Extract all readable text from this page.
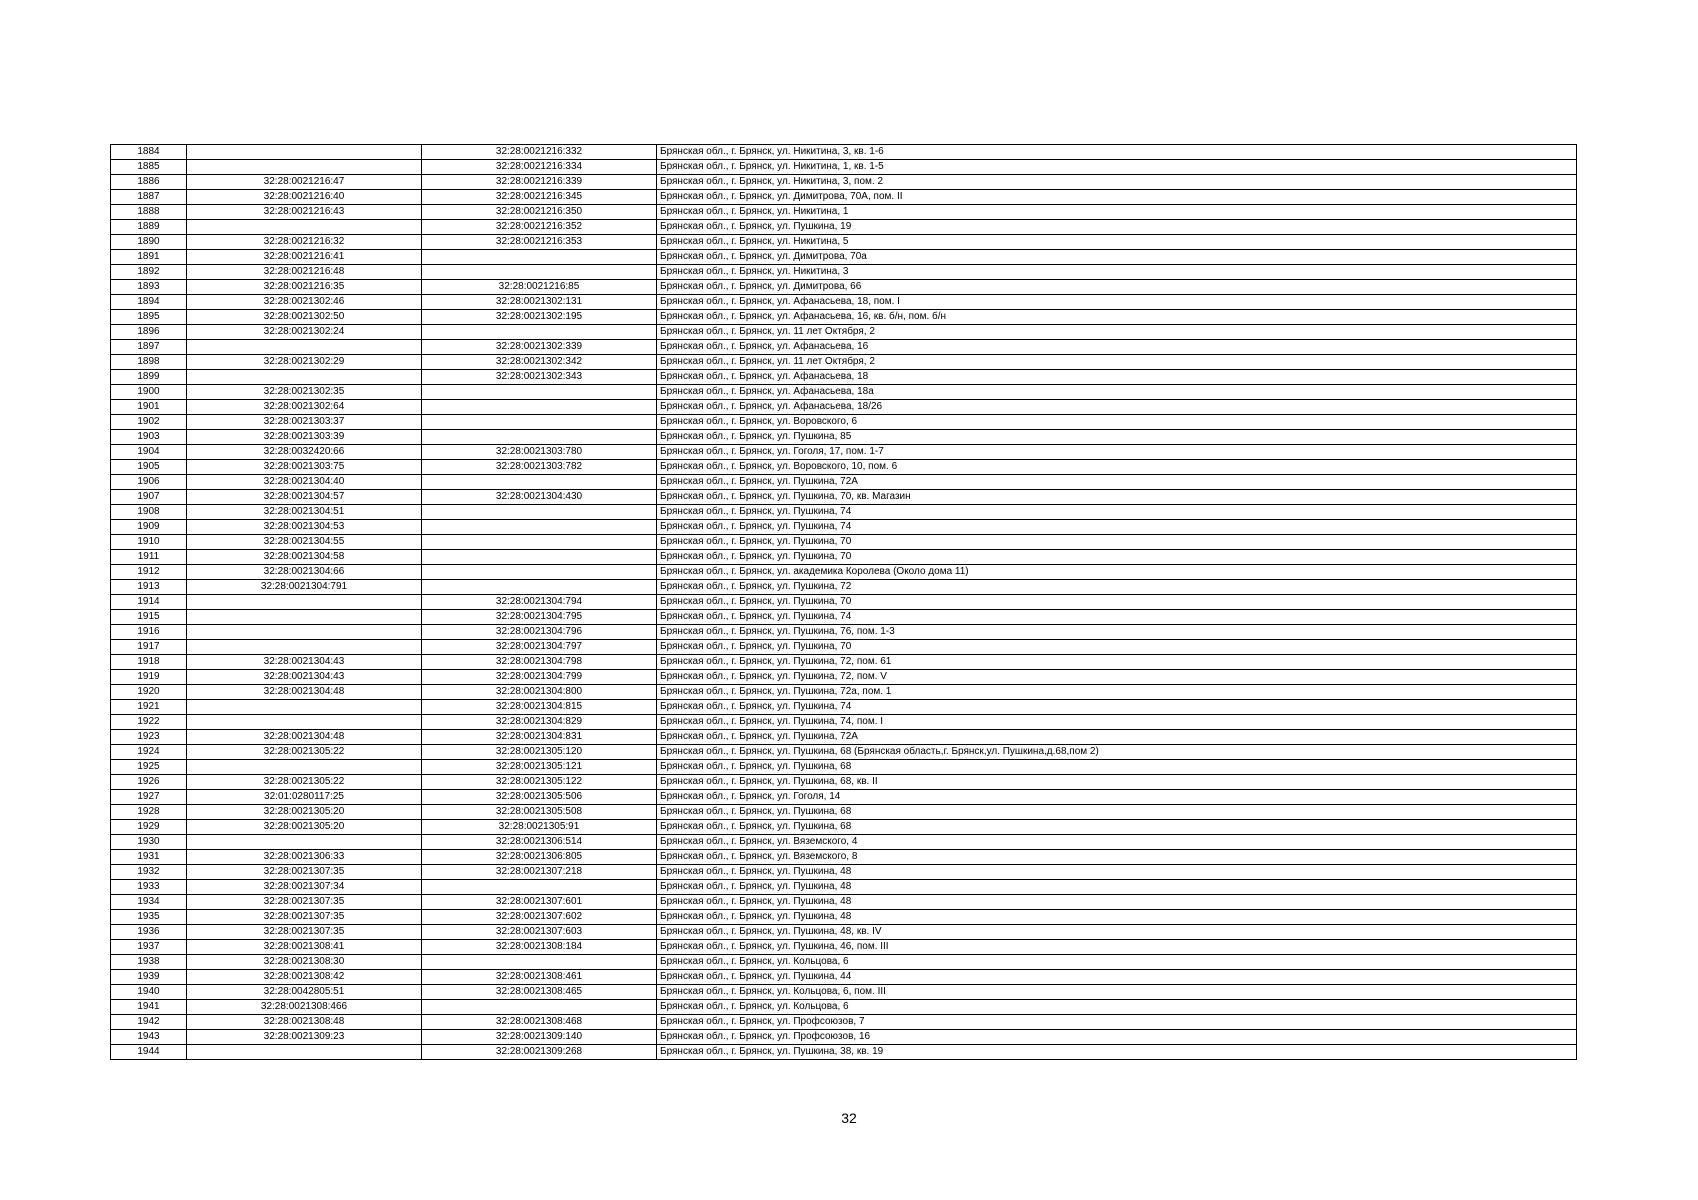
1884		32:28:0021216:332	Брянская обл., г. Брянск, ул. Никитина, 3, кв. 1-6
1885		32:28:0021216:334	Брянская обл., г. Брянск, ул. Никитина, 1, кв. 1-5
1886	32:28:0021216:47	32:28:0021216:339	Брянская обл., г. Брянск, ул. Никитина, 3, пом. 2
1887	32:28:0021216:40	32:28:0021216:345	Брянская обл., г. Брянск, ул. Димитрова, 70А, пом. II
1888	32:28:0021216:43	32:28:0021216:350	Брянская обл., г. Брянск, ул. Никитина, 1
1889		32:28:0021216:352	Брянская обл., г. Брянск, ул. Пушкина, 19
1890	32:28:0021216:32	32:28:0021216:353	Брянская обл., г. Брянск, ул. Никитина, 5
1891	32:28:0021216:41		Брянская обл., г. Брянск, ул. Димитрова, 70а
1892	32:28:0021216:48		Брянская обл., г. Брянск, ул. Никитина, 3
1893	32:28:0021216:35	32:28:0021216:85	Брянская обл., г. Брянск, ул. Димитрова, 66
1894	32:28:0021302:46	32:28:0021302:131	Брянская обл., г. Брянск, ул. Афанасьева, 18, пом. I
1895	32:28:0021302:50	32:28:0021302:195	Брянская обл., г. Брянск, ул. Афанасьева, 16, кв. б/н, пом. б/н
1896	32:28:0021302:24		Брянская обл., г. Брянск, ул. 11 лет Октября, 2
1897		32:28:0021302:339	Брянская обл., г. Брянск, ул. Афанасьева, 16
1898	32:28:0021302:29	32:28:0021302:342	Брянская обл., г. Брянск, ул. 11 лет Октября, 2
1899		32:28:0021302:343	Брянская обл., г. Брянск, ул. Афанасьева, 18
1900	32:28:0021302:35		Брянская обл., г. Брянск, ул. Афанасьева, 18а
1901	32:28:0021302:64		Брянская обл., г. Брянск, ул. Афанасьева, 18/26
1902	32:28:0021303:37		Брянская обл., г. Брянск, ул. Воровского, 6
1903	32:28:0021303:39		Брянская обл., г. Брянск, ул. Пушкина, 85
1904	32:28:0032420:66	32:28:0021303:780	Брянская обл., г. Брянск, ул. Гоголя, 17, пом. 1-7
1905	32:28:0021303:75	32:28:0021303:782	Брянская обл., г. Брянск, ул. Воровского, 10, пом. 6
1906	32:28:0021304:40		Брянская обл., г. Брянск, ул. Пушкина, 72А
1907	32:28:0021304:57	32:28:0021304:430	Брянская обл., г. Брянск, ул. Пушкина, 70, кв. Магазин
1908	32:28:0021304:51		Брянская обл., г. Брянск, ул. Пушкина, 74
1909	32:28:0021304:53		Брянская обл., г. Брянск, ул. Пушкина, 74
1910	32:28:0021304:55		Брянская обл., г. Брянск, ул. Пушкина, 70
1911	32:28:0021304:58		Брянская обл., г. Брянск, ул. Пушкина, 70
1912	32:28:0021304:66		Брянская обл., г. Брянск, ул. академика Королева (Около дома 11)
1913	32:28:0021304:791		Брянская обл., г. Брянск, ул. Пушкина, 72
1914		32:28:0021304:794	Брянская обл., г. Брянск, ул. Пушкина, 70
1915		32:28:0021304:795	Брянская обл., г. Брянск, ул. Пушкина, 74
1916		32:28:0021304:796	Брянская обл., г. Брянск, ул. Пушкина, 76, пом. 1-3
1917		32:28:0021304:797	Брянская обл., г. Брянск, ул. Пушкина, 70
1918	32:28:0021304:43	32:28:0021304:798	Брянская обл., г. Брянск, ул. Пушкина, 72, пом. 61
1919	32:28:0021304:43	32:28:0021304:799	Брянская обл., г. Брянск, ул. Пушкина, 72, пом. V
1920	32:28:0021304:48	32:28:0021304:800	Брянская обл., г. Брянск, ул. Пушкина, 72а, пом. 1
1921		32:28:0021304:815	Брянская обл., г. Брянск, ул. Пушкина, 74
1922		32:28:0021304:829	Брянская обл., г. Брянск, ул. Пушкина, 74, пом. I
1923	32:28:0021304:48	32:28:0021304:831	Брянская обл., г. Брянск, ул. Пушкина, 72А
1924	32:28:0021305:22	32:28:0021305:120	Брянская обл., г. Брянск, ул. Пушкина, 68 (Брянская область,г. Брянск,ул. Пушкина,д.68,пом 2)
1925		32:28:0021305:121	Брянская обл., г. Брянск, ул. Пушкина, 68
1926	32:28:0021305:22	32:28:0021305:122	Брянская обл., г. Брянск, ул. Пушкина, 68, кв. II
1927	32:01:0280117:25	32:28:0021305:506	Брянская обл., г. Брянск, ул. Гоголя, 14
1928	32:28:0021305:20	32:28:0021305:508	Брянская обл., г. Брянск, ул. Пушкина, 68
1929	32:28:0021305:20	32:28:0021305:91	Брянская обл., г. Брянск, ул. Пушкина, 68
1930		32:28:0021306:514	Брянская обл., г. Брянск, ул. Вяземского, 4
1931	32:28:0021306:33	32:28:0021306:805	Брянская обл., г. Брянск, ул. Вяземского, 8
1932	32:28:0021307:35	32:28:0021307:218	Брянская обл., г. Брянск, ул. Пушкина, 48
1933	32:28:0021307:34		Брянская обл., г. Брянск, ул. Пушкина, 48
1934	32:28:0021307:35	32:28:0021307:601	Брянская обл., г. Брянск, ул. Пушкина, 48
1935	32:28:0021307:35	32:28:0021307:602	Брянская обл., г. Брянск, ул. Пушкина, 48
1936	32:28:0021307:35	32:28:0021307:603	Брянская обл., г. Брянск, ул. Пушкина, 48, кв. IV
1937	32:28:0021308:41	32:28:0021308:184	Брянская обл., г. Брянск, ул. Пушкина, 46, пом. III
1938	32:28:0021308:30		Брянская обл., г. Брянск, ул. Кольцова, 6
1939	32:28:0021308:42	32:28:0021308:461	Брянская обл., г. Брянск, ул. Пушкина, 44
1940	32:28:0042805:51	32:28:0021308:465	Брянская обл., г. Брянск, ул. Кольцова, 6, пом. III
1941	32:28:0021308:466		Брянская обл., г. Брянск, ул. Кольцова, 6
1942	32:28:0021308:48	32:28:0021308:468	Брянская обл., г. Брянск, ул. Профсоюзов, 7
1943	32:28:0021309:23	32:28:0021309:140	Брянская обл., г. Брянск, ул. Профсоюзов, 16
1944		32:28:0021309:268	Брянская обл., г. Брянск, ул. Пушкина, 38, кв. 19
32
